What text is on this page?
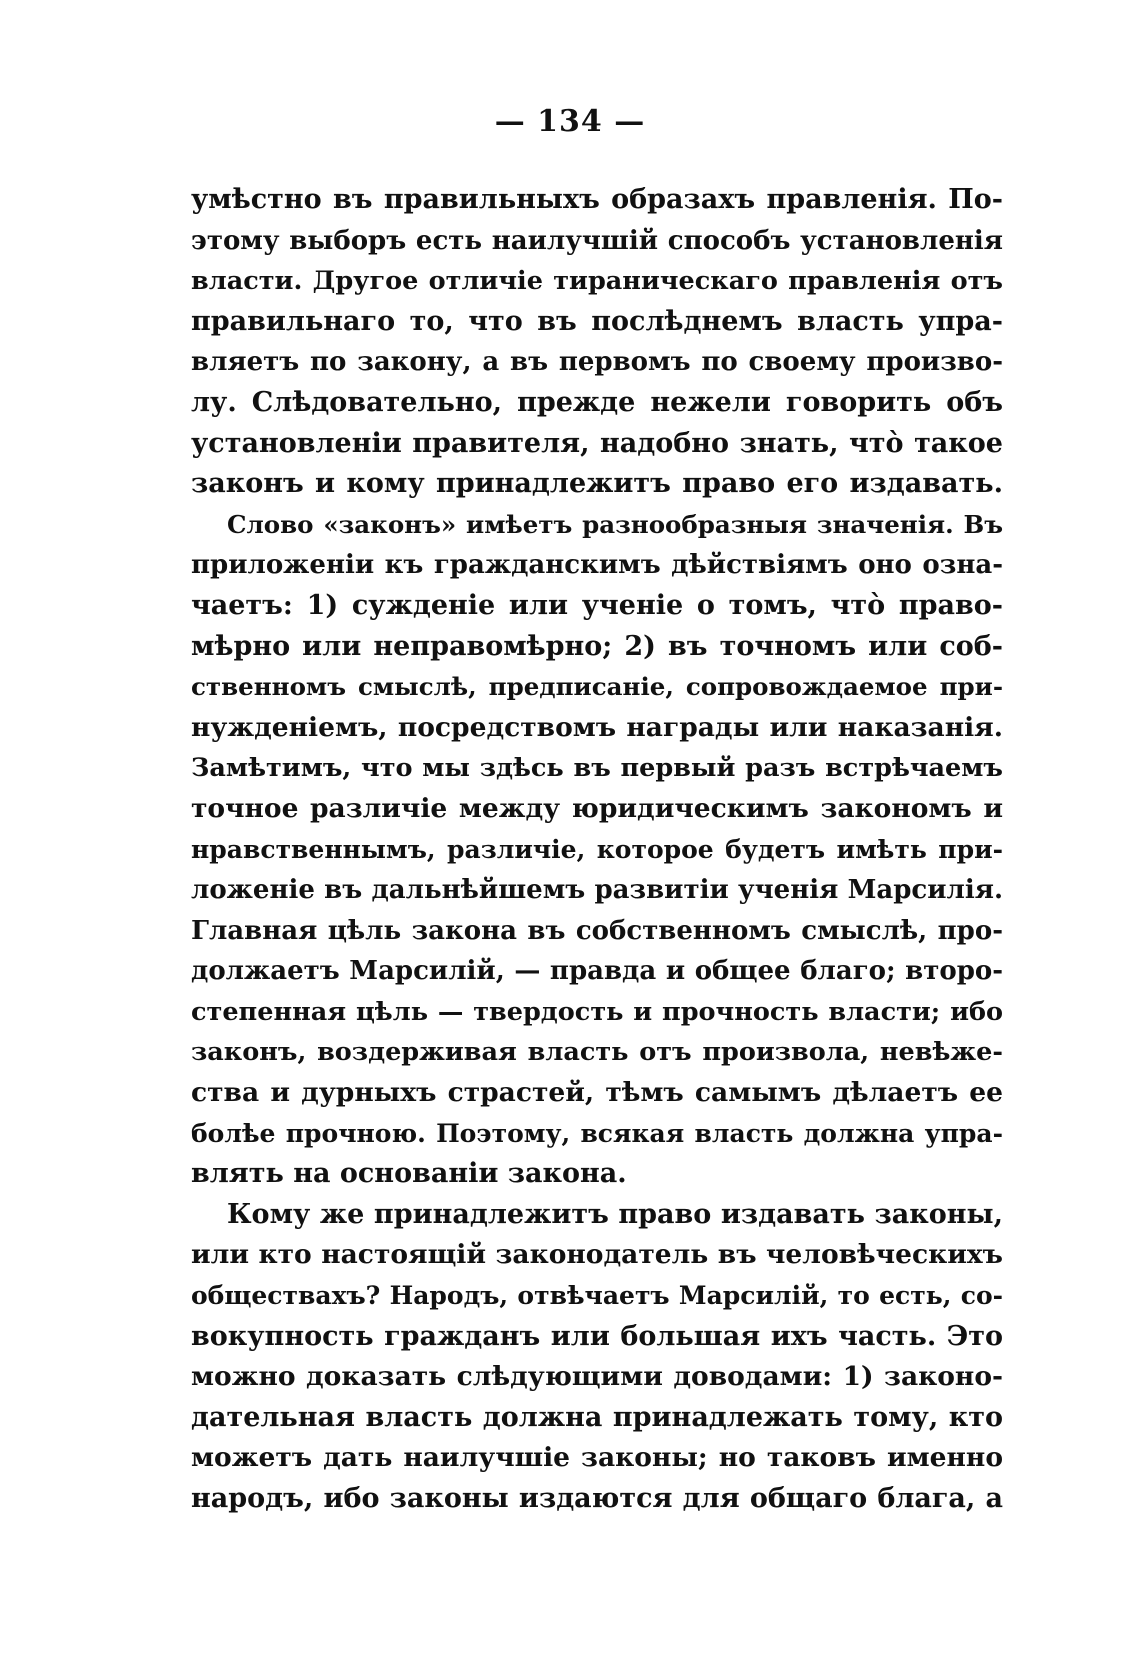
— 134 —
умѣстно въ правильныхъ образахъ правленія. По-
этому выборъ есть наилучшій способъ установленія
власти. Другое отличіе тираническаго правленія отъ
правильнаго то, что въ послѣднемъ власть упра-
вляетъ по закону, а въ первомъ по своему произво-
лу. Слѣдовательно, прежде нежели говорить объ
установленіи правителя, надобно знать, что̀ такое
законъ и кому принадлежитъ право его издавать.
Слово «законъ» имѣетъ разнообразныя значенія. Въ
приложеніи къ гражданскимъ дѣйствіямъ оно озна-
чаетъ: 1) сужденіе или ученіе о томъ, что̀ право-
мѣрно или неправомѣрно; 2) въ точномъ или соб-
ственномъ смыслѣ, предписаніе, сопровождаемое при-
нужденіемъ, посредствомъ награды или наказанія.
Замѣтимъ, что мы здѣсь въ первый разъ встрѣчаемъ
точное различіе между юридическимъ закономъ и
нравственнымъ, различіе, которое будетъ имѣть при-
ложеніе въ дальнѣйшемъ развитіи ученія Марсилія.
Главная цѣль закона въ собственномъ смыслѣ, про-
должаетъ Марсилій, — правда и общее благо; второ-
степенная цѣль — твердость и прочность власти; ибо
законъ, воздерживая власть отъ произвола, невѣже-
ства и дурныхъ страстей, тѣмъ самымъ дѣлаетъ ее
болѣе прочною. Поэтому, всякая власть должна упра-
влять на основаніи закона.
Кому же принадлежитъ право издавать законы,
или кто настоящій законодатель въ человѣческихъ
обществахъ? Народъ, отвѣчаетъ Марсилій, то есть, со-
вокупность гражданъ или большая ихъ часть. Это
можно доказать слѣдующими доводами: 1) законо-
дательная власть должна принадлежать тому, кто
можетъ дать наилучшіе законы; но таковъ именно
народъ, ибо законы издаются для общаго блага, а
